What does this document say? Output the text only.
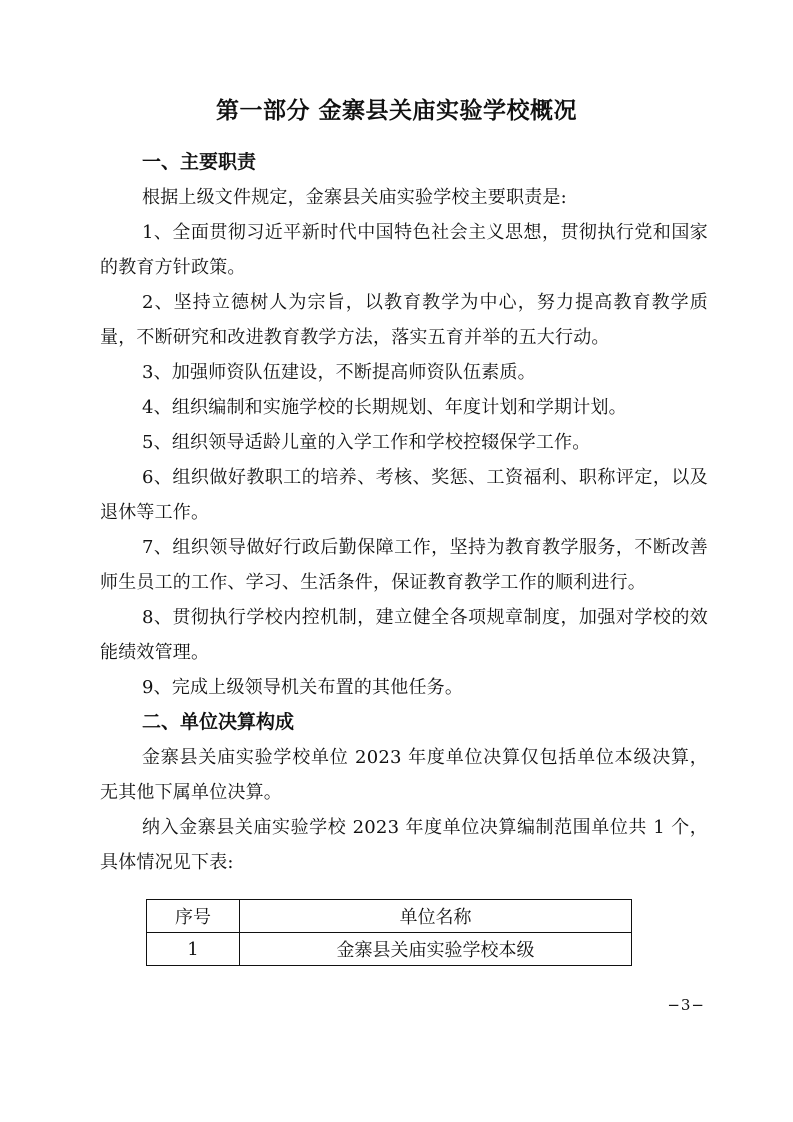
第一部分 金寨县关庙实验学校概况

一、主要职责

根据上级文件规定，金寨县关庙实验学校主要职责是:

1、全面贯彻习近平新时代中国特色社会主义思想，贯彻执行党和国家的教育方针政策。

2、坚持立德树人为宗旨，以教育教学为中心，努力提高教育教学质量，不断研究和改进教育教学方法，落实五育并举的五大行动。

3、加强师资队伍建设，不断提高师资队伍素质。

4、组织编制和实施学校的长期规划、年度计划和学期计划。

5、组织领导适龄儿童的入学工作和学校控辍保学工作。

6、组织做好教职工的培养、考核、奖惩、工资福利、职称评定，以及退休等工作。

7、组织领导做好行政后勤保障工作，坚持为教育教学服务，不断改善师生员工的工作、学习、生活条件，保证教育教学工作的顺利进行。

8、贯彻执行学校内控机制，建立健全各项规章制度，加强对学校的效能绩效管理。

9、完成上级领导机关布置的其他任务。

二、单位决算构成

金寨县关庙实验学校单位 2023 年度单位决算仅包括单位本级决算，无其他下属单位决算。

纳入金寨县关庙实验学校 2023 年度单位决算编制范围单位共 1 个，具体情况见下表:

序号	单位名称
1	金寨县关庙实验学校本级
−3−
